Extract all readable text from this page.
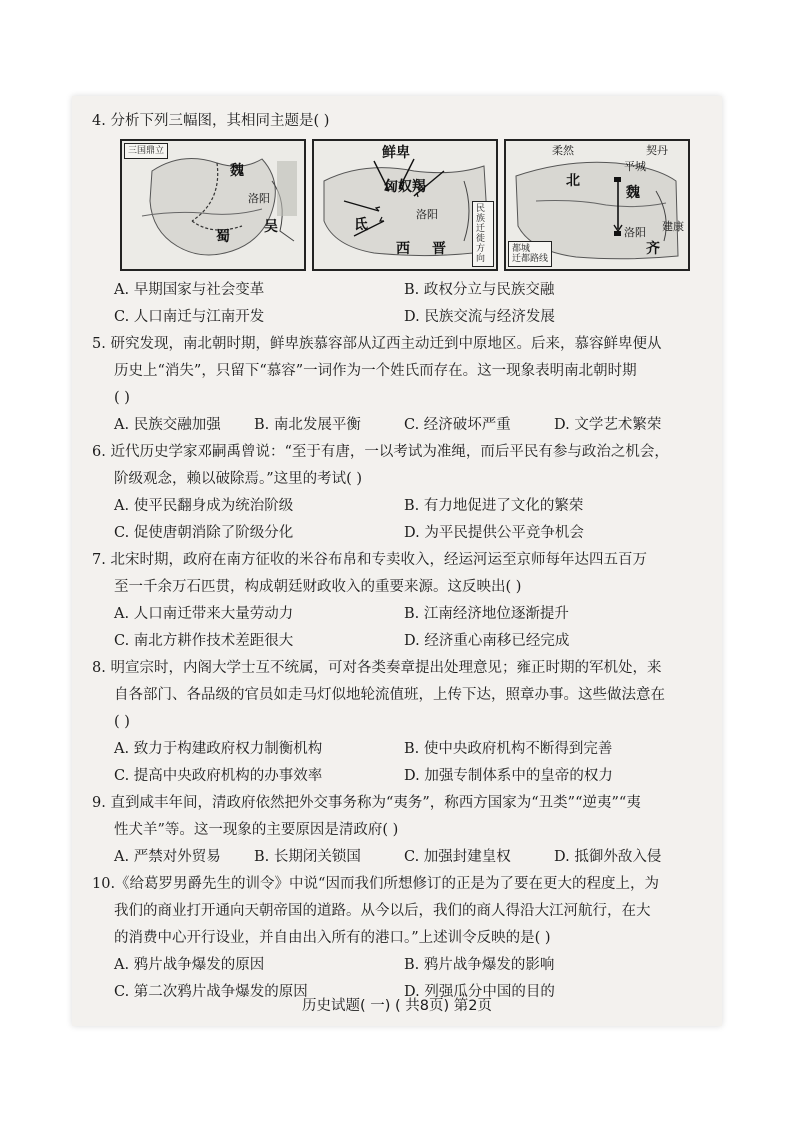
4. 分析下列三幅图，其相同主题是( )
三国鼎立
魏
蜀
吴
洛阳
鲜卑
匈奴 羯
氐
西 晋
洛阳	民族
迁徙
方向
柔然	契丹
平城
北
魏
洛阳
齐
建康
都城
迁都路线
A. 早期国家与社会变革	B. 政权分立与民族交融
C. 人口南迁与江南开发	D. 民族交流与经济发展
5. 研究发现，南北朝时期，鲜卑族慕容部从辽西主动迁到中原地区。后来，慕容鲜卑便从
历史上“消失”，只留下“慕容”一词作为一个姓氏而存在。这一现象表明南北朝时期
( )
A. 民族交融加强	B. 南北发展平衡	C. 经济破坏严重	D. 文学艺术繁荣
6. 近代历史学家邓嗣禹曾说：“至于有唐，一以考试为准绳，而后平民有参与政治之机会，
阶级观念，赖以破除焉。”这里的考试( )
A. 使平民翻身成为统治阶级	B. 有力地促进了文化的繁荣
C. 促使唐朝消除了阶级分化	D. 为平民提供公平竞争机会
7. 北宋时期，政府在南方征收的米谷布帛和专卖收入，经运河运至京师每年达四五百万
至一千余万石匹贯，构成朝廷财政收入的重要来源。这反映出( )
A. 人口南迁带来大量劳动力	B. 江南经济地位逐渐提升
C. 南北方耕作技术差距很大	D. 经济重心南移已经完成
8. 明宣宗时，内阁大学士互不统属，可对各类奏章提出处理意见；雍正时期的军机处，来
自各部门、各品级的官员如走马灯似地轮流值班，上传下达，照章办事。这些做法意在
( )
A. 致力于构建政府权力制衡机构	B. 使中央政府机构不断得到完善
C. 提高中央政府机构的办事效率	D. 加强专制体系中的皇帝的权力
9. 直到咸丰年间，清政府依然把外交事务称为“夷务”，称西方国家为“丑类”“逆夷”“夷
性犬羊”等。这一现象的主要原因是清政府( )
A. 严禁对外贸易	B. 长期闭关锁国	C. 加强封建皇权	D. 抵御外敌入侵
10.《给葛罗男爵先生的训令》中说“因而我们所想修订的正是为了要在更大的程度上，为
我们的商业打开通向天朝帝国的道路。从今以后，我们的商人得沿大江河航行，在大
的消费中心开行设业，并自由出入所有的港口。”上述训令反映的是( )
A. 鸦片战争爆发的原因	B. 鸦片战争爆发的影响
C. 第二次鸦片战争爆发的原因	D. 列强瓜分中国的目的
历史试题( 一) ( 共8页) 第2页
